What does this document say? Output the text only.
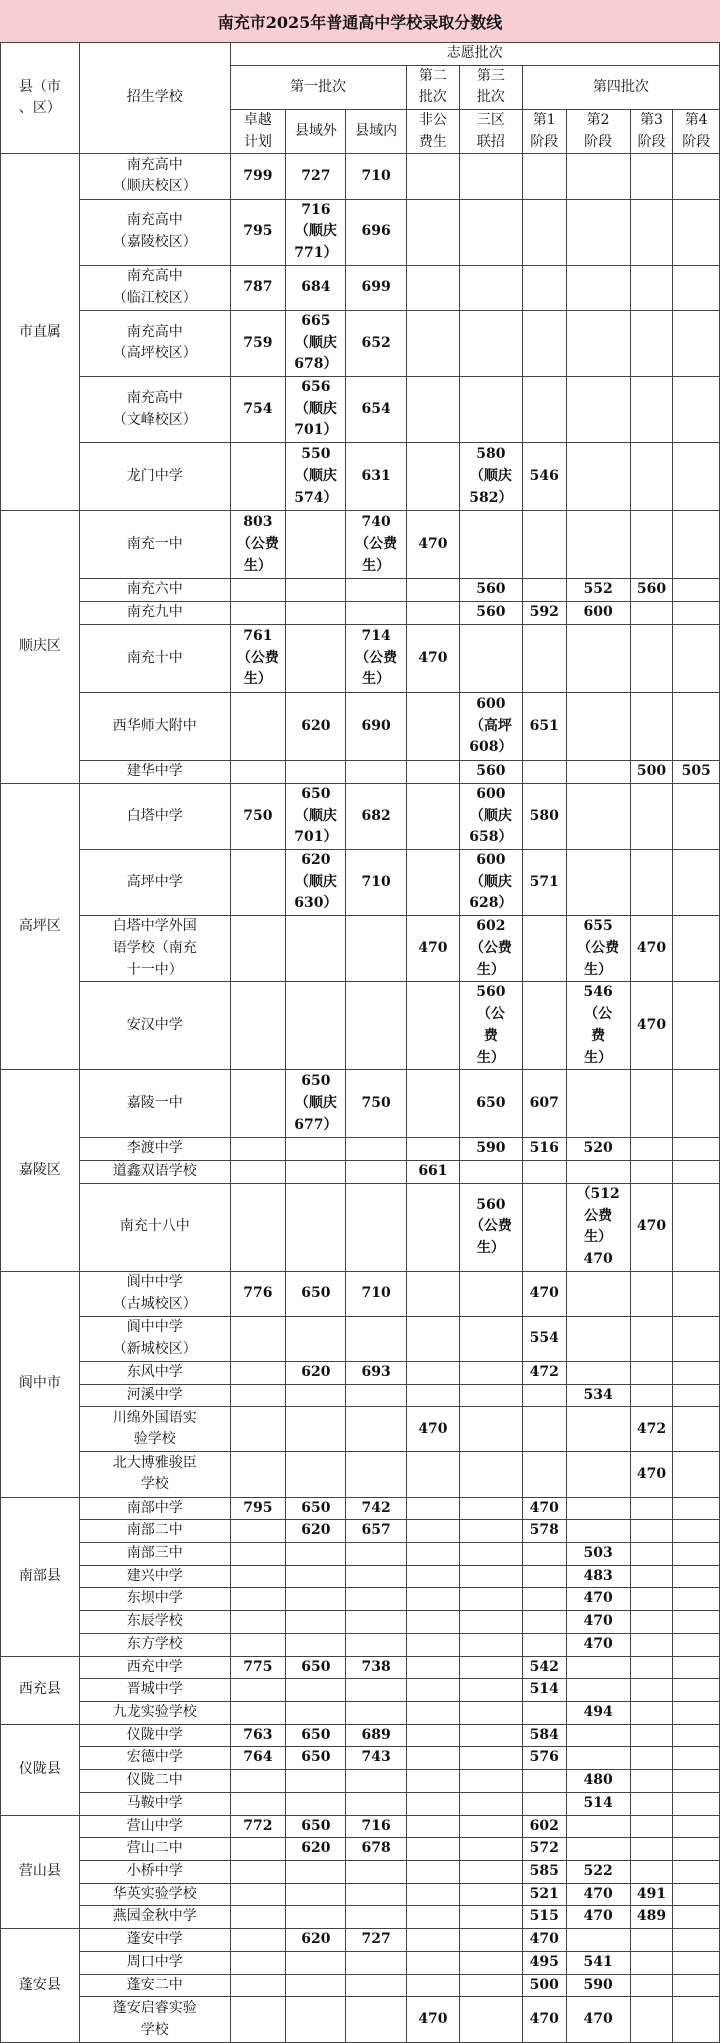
南充市2025年普通高中学校录取分数线
县（市
、区）	招生学校	志愿批次								
		第一批次			第二
批次	第三
批次	第四批次			
		卓越
计划	县域外	县域内	非公
费生	三区
联招	第1
阶段	第2
阶段	第3
阶段	第4
阶段
市直属	南充高中
（顺庆校区）	799	727	710						
	南充高中
（嘉陵校区）	795	716
（顺庆
771）	696						
	南充高中
（临江校区）	787	684	699						
	南充高中
（高坪校区）	759	665
（顺庆
678）	652						
	南充高中
（文峰校区）	754	656
（顺庆
701）	654						
	龙门中学		550
（顺庆
574）	631		580
（顺庆
582）	546			
顺庆区	南充一中	803
（公费
生）		740
（公费
生）	470					
	南充六中					560		552	560	
	南充九中					560	592	600		
	南充十中	761
（公费
生）		714
（公费
生）	470					
	西华师大附中		620	690		600
（高坪
608）	651			
	建华中学					560			500	505
高坪区	白塔中学	750	650
（顺庆
701）	682		600
（顺庆
658）	580			
	高坪中学		620
（顺庆
630）	710		600
（顺庆
628）	571			
	白塔中学外国
语学校（南充
十一中）				470	602
（公费
生）		655
（公费
生）	470	
	安汉中学					560
（公
费
生）		546
（公
费
生）	470	
嘉陵区	嘉陵一中		650
（顺庆
677）	750		650	607			
	李渡中学					590	516	520		
	道鑫双语学校				661					
	南充十八中					560
（公费
生）		（512
公费
生）
470	470	
阆中市	阆中中学
（古城校区）	776	650	710			470			
	阆中中学
（新城校区）						554			
	东风中学		620	693			472			
	河溪中学							534		
	川绵外国语实
验学校				470				472	
	北大博雅骏臣
学校								470	
南部县	南部中学	795	650	742			470			
	南部二中		620	657			578			
	南部三中							503		
	建兴中学							483		
	东坝中学							470		
	东辰学校							470		
	东方学校							470		
西充县	西充中学	775	650	738			542			
	晋城中学						514			
	九龙实验学校							494		
仪陇县	仪陇中学	763	650	689			584			
	宏德中学	764	650	743			576			
	仪陇二中							480		
	马鞍中学							514		
营山县	营山中学	772	650	716			602			
	营山二中		620	678			572			
	小桥中学						585	522		
	华英实验学校						521	470	491	
	燕园金秋中学						515	470	489	
蓬安县	蓬安中学		620	727			470			
	周口中学						495	541		
	蓬安二中						500	590		
	蓬安启睿实验
学校				470		470	470		
